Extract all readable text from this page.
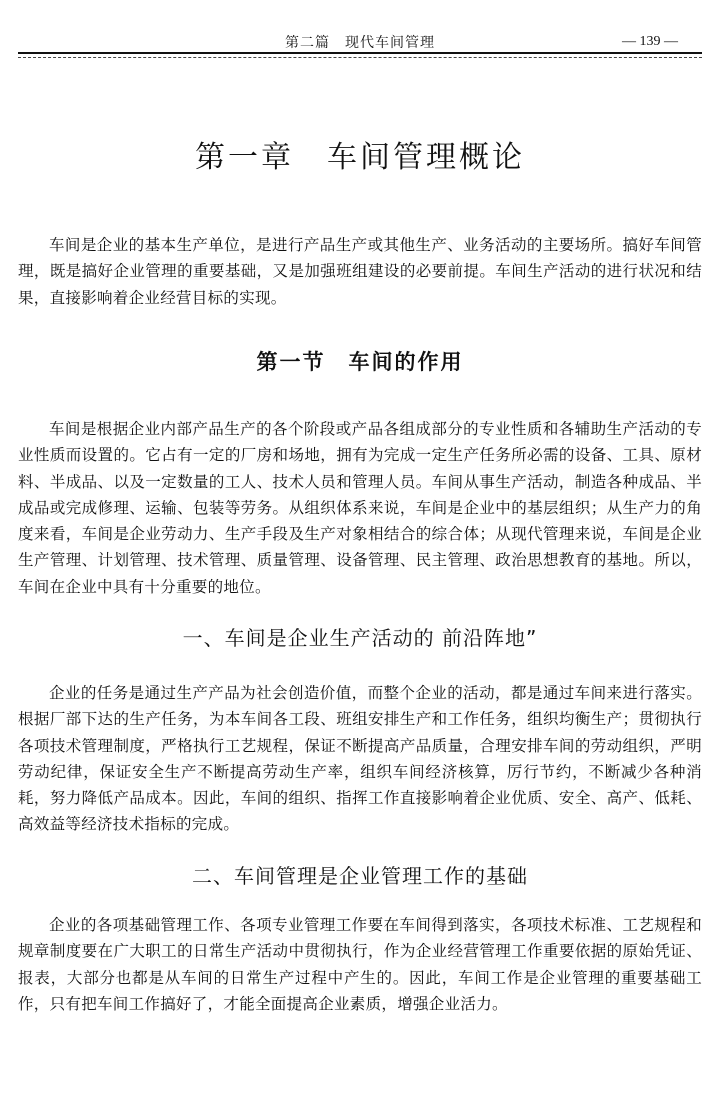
第二篇　现代车间管理	— 139 —
第一章　车间管理概论

车间是企业的基本生产单位，是进行产品生产或其他生产、业务活动的主要场所。搞好车间管理，既是搞好企业管理的重要基础，又是加强班组建设的必要前提。车间生产活动的进行状况和结果，直接影响着企业经营目标的实现。

第一节　车间的作用

车间是根据企业内部产品生产的各个阶段或产品各组成部分的专业性质和各辅助生产活动的专业性质而设置的。它占有一定的厂房和场地，拥有为完成一定生产任务所必需的设备、工具、原材料、半成品、以及一定数量的工人、技术人员和管理人员。车间从事生产活动，制造各种成品、半成品或完成修理、运输、包装等劳务。从组织体系来说，车间是企业中的基层组织；从生产力的角度来看，车间是企业劳动力、生产手段及生产对象相结合的综合体；从现代管理来说，车间是企业生产管理、计划管理、技术管理、质量管理、设备管理、民主管理、政治思想教育的基地。所以，车间在企业中具有十分重要的地位。

一、车间是企业生产活动的 前沿阵地”

企业的任务是通过生产产品为社会创造价值，而整个企业的活动，都是通过车间来进行落实。根据厂部下达的生产任务，为本车间各工段、班组安排生产和工作任务，组织均衡生产；贯彻执行各项技术管理制度，严格执行工艺规程，保证不断提高产品质量，合理安排车间的劳动组织，严明劳动纪律，保证安全生产不断提高劳动生产率，组织车间经济核算，厉行节约，不断减少各种消耗，努力降低产品成本。因此，车间的组织、指挥工作直接影响着企业优质、安全、高产、低耗、高效益等经济技术指标的完成。

二、车间管理是企业管理工作的基础

企业的各项基础管理工作、各项专业管理工作要在车间得到落实，各项技术标准、工艺规程和规章制度要在广大职工的日常生产活动中贯彻执行，作为企业经营管理工作重要依据的原始凭证、报表，大部分也都是从车间的日常生产过程中产生的。因此，车间工作是企业管理的重要基础工作，只有把车间工作搞好了，才能全面提高企业素质，增强企业活力。
